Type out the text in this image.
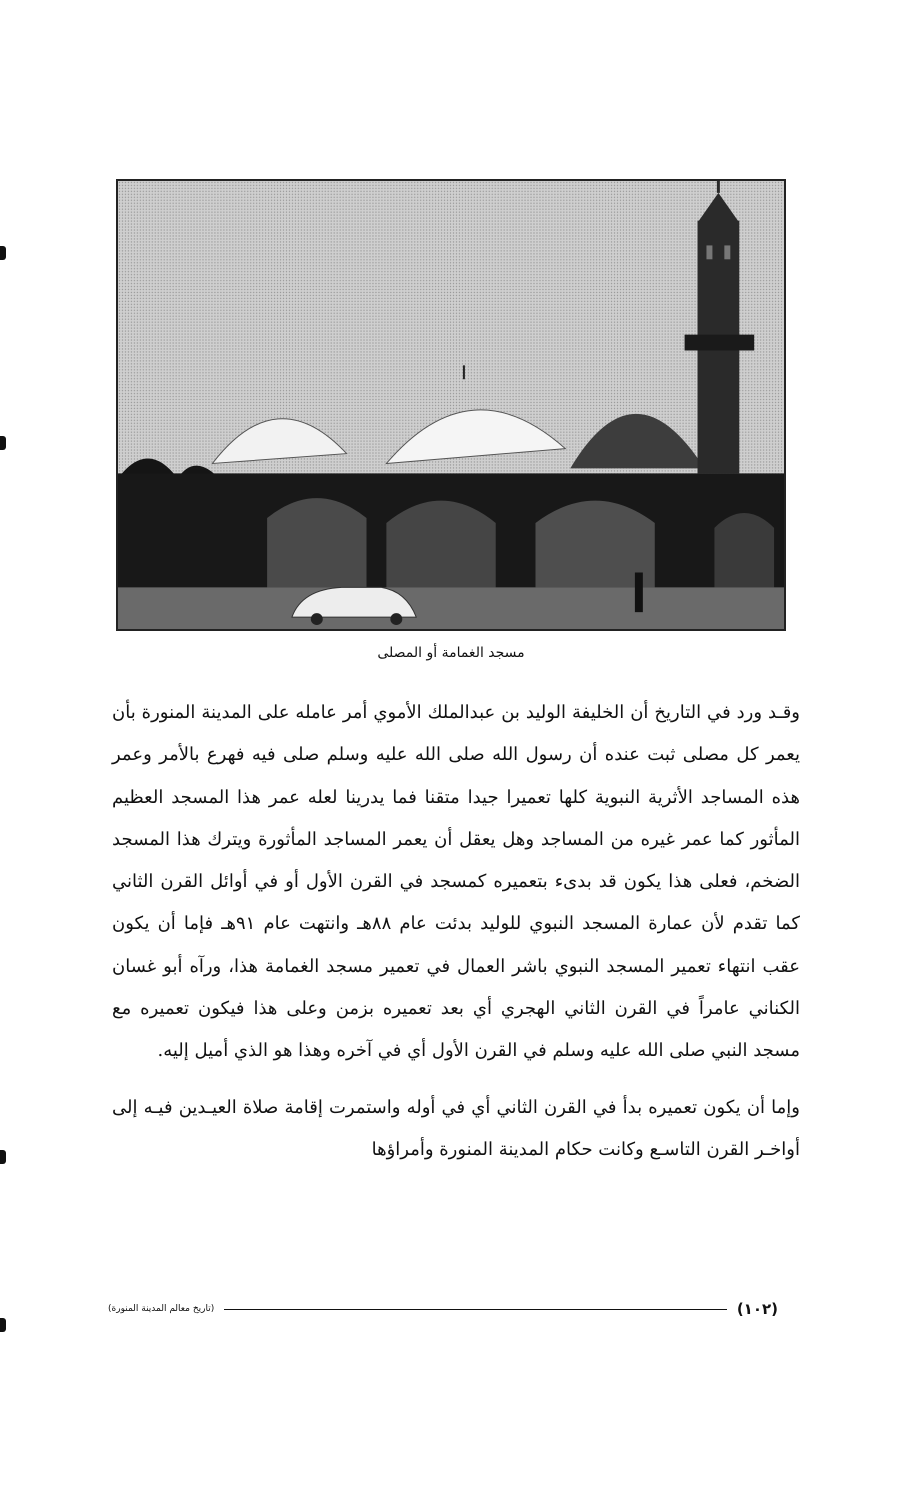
مسجد الغمامة أو المصلى

وقـد ورد في التاريخ أن الخليفة الوليد بن عبدالملك الأموي أمر عامله على المدينة المنورة بأن يعمر كل مصلى ثبت عنده أن رسول الله صلى الله عليه وسلم صلى فيه فهرع بالأمر وعمر هذه المساجد الأثرية النبوية كلها تعميرا جيدا متقنا فما يدرينا لعله عمر هذا المسجد العظيم المأثور كما عمر غيره من المساجد وهل يعقل أن يعمر المساجد المأثورة ويترك هذا المسجد الضخم، فعلى هذا يكون قد بدىء بتعميره كمسجد في القرن الأول أو في أوائل القرن الثاني كما تقدم لأن عمارة المسجد النبوي للوليد بدئت عام ٨٨هـ وانتهت عام ٩١هـ فإما أن يكون عقب انتهاء تعمير المسجد النبوي باشر العمال في تعمير مسجد الغمامة هذا، ورآه أبو غسان الكناني عامراً في القرن الثاني الهجري أي بعد تعميره بزمن وعلى هذا فيكون تعميره مع مسجد النبي صلى الله عليه وسلم في القرن الأول أي في آخره وهذا هو الذي أميل إليه.

وإما أن يكون تعميره بدأ في القرن الثاني أي في أوله واستمرت إقامة صلاة العيـدين فيـه إلى أواخـر القرن التاسـع وكانت حكام المدينة المنورة وأمراؤها

(١٠٢)
(تاريخ معالم المدينة المنورة)
